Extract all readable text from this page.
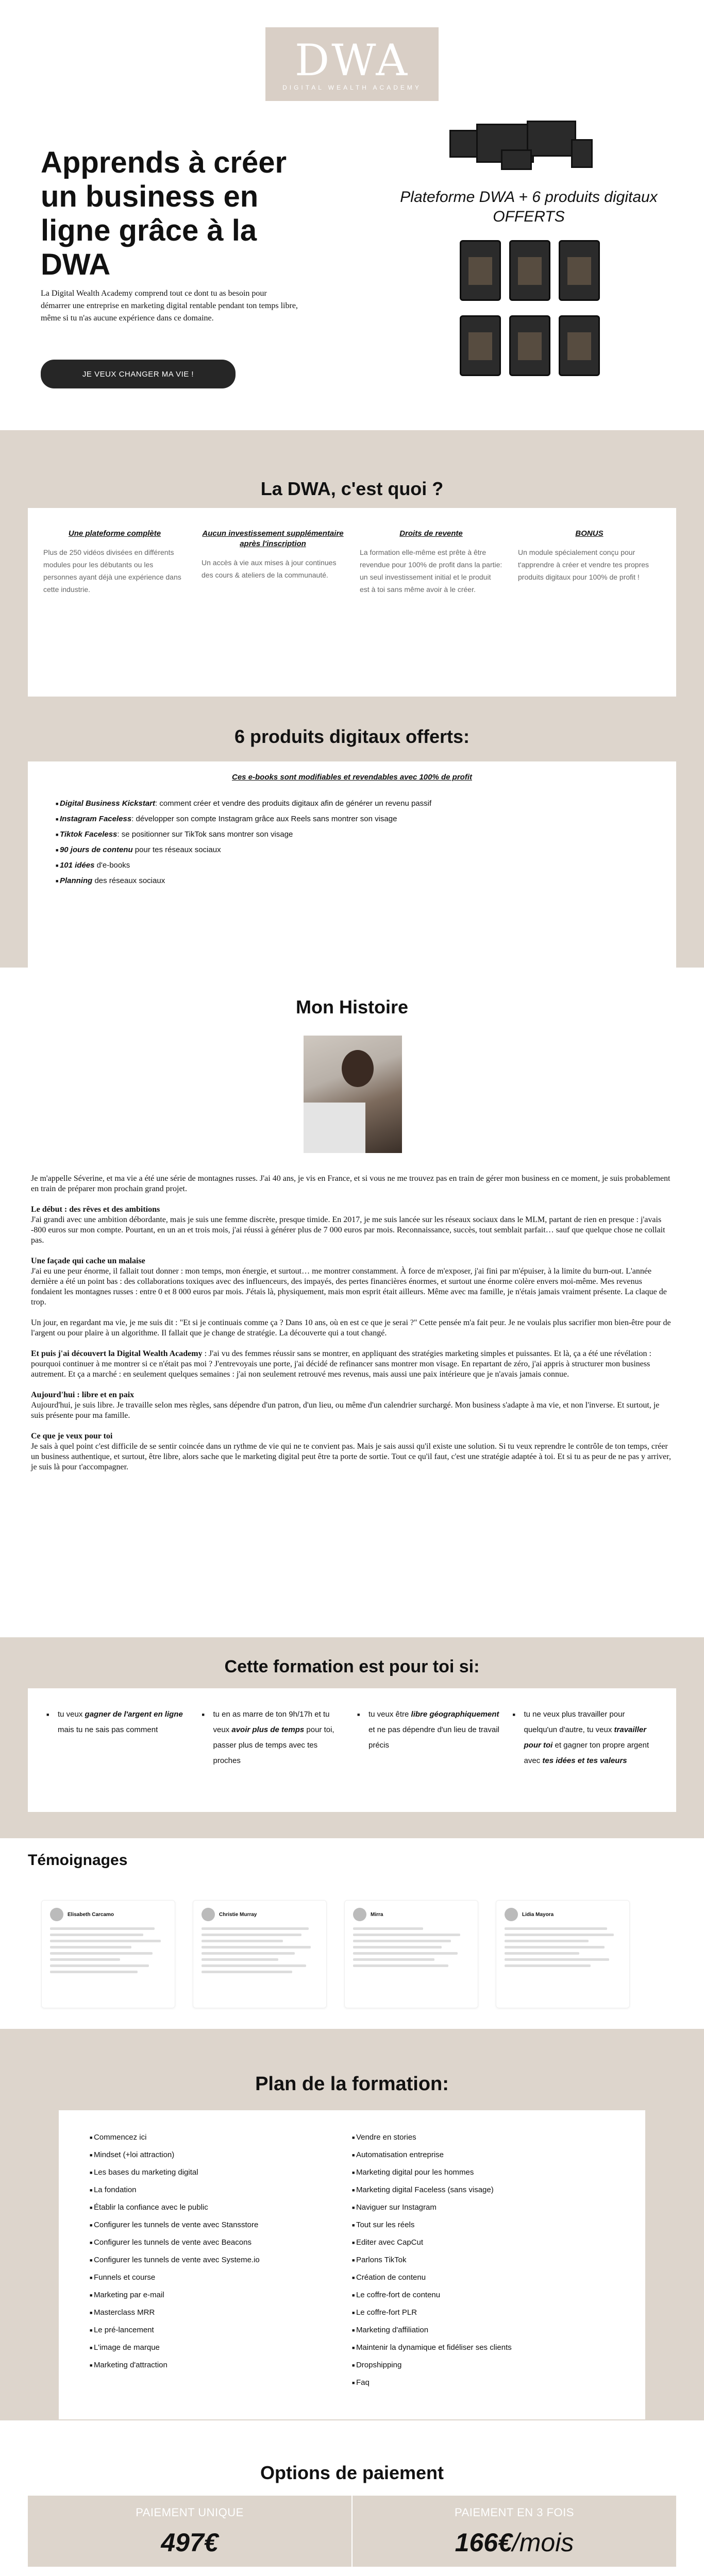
DWA
DIGITAL WEALTH ACADEMY
Apprends à créer un business en ligne grâce à la DWA

La Digital Wealth Academy comprend tout ce dont tu as besoin pour démarrer une entreprise en marketing digital rentable pendant ton temps libre, même si tu n'as aucune expérience dans ce domaine.

JE VEUX CHANGER MA VIE !
Plateforme DWA + 6 produits digitaux OFFERTS
La DWA, c'est quoi ?
Une plateforme complète

Plus de 250 vidéos divisées en différents modules pour les débutants ou les personnes ayant déjà une expérience dans cette industrie.

Aucun investissement supplémentaire après l'inscription

Un accès à vie aux mises à jour continues des cours & ateliers de la communauté.

Droits de revente

La formation elle-même est prête à être revendue pour 100% de profit dans la partie: un seul investissement initial et le produit est à toi sans même avoir à le créer.

BONUS

Un module spécialement conçu pour t'apprendre à créer et vendre tes propres produits digitaux pour 100% de profit !

6 produits digitaux offerts:
Ces e-books sont modifiables et revendables avec 100% de profit
■ Digital Business Kickstart: comment créer et vendre des produits digitaux afin de générer un revenu passif
■ Instagram Faceless: développer son compte Instagram grâce aux Reels sans montrer son visage
■ Tiktok Faceless: se positionner sur TikTok sans montrer son visage
■ 90 jours de contenu pour tes réseaux sociaux
■ 101 idées d'e-books
■ Planning des réseaux sociaux
Mon Histoire

Je m'appelle Séverine, et ma vie a été une série de montagnes russes. J'ai 40 ans, je vis en France, et si vous ne me trouvez pas en train de gérer mon business en ce moment, je suis probablement en train de préparer mon prochain grand projet.

Le début : des rêves et des ambitions
J'ai grandi avec une ambition débordante, mais je suis une femme discrète, presque timide. En 2017, je me suis lancée sur les réseaux sociaux dans le MLM, partant de rien en presque : j'avais -800 euros sur mon compte. Pourtant, en un an et trois mois, j'ai réussi à générer plus de 7 000 euros par mois. Reconnaissance, succès, tout semblait parfait… sauf que quelque chose ne collait pas.

Une façade qui cache un malaise
J'ai eu une peur énorme, il fallait tout donner : mon temps, mon énergie, et surtout… me montrer constamment. À force de m'exposer, j'ai fini par m'épuiser, à la limite du burn-out. L'année dernière a été un point bas : des collaborations toxiques avec des influenceurs, des impayés, des pertes financières énormes, et surtout une énorme colère envers moi-même. Mes revenus fondaient les montagnes russes : entre 0 et 8 000 euros par mois. J'étais là, physiquement, mais mon esprit était ailleurs. Même avec ma famille, je n'étais jamais vraiment présente. La claque de trop.

Un jour, en regardant ma vie, je me suis dit : "Et si je continuais comme ça ? Dans 10 ans, où en est ce que je serai ?" Cette pensée m'a fait peur. Je ne voulais plus sacrifier mon bien-être pour de l'argent ou pour plaire à un algorithme. Il fallait que je change de stratégie. La découverte qui a tout changé.

Et puis j'ai découvert la Digital Wealth Academy : J'ai vu des femmes réussir sans se montrer, en appliquant des stratégies marketing simples et puissantes. Et là, ça a été une révélation : pourquoi continuer à me montrer si ce n'était pas moi ? J'entrevoyais une porte, j'ai décidé de refinancer sans montrer mon visage. En repartant de zéro, j'ai appris à structurer mon business autrement. Et ça a marché : en seulement quelques semaines : j'ai non seulement retrouvé mes revenus, mais aussi une paix intérieure que je n'avais jamais connue.

Aujourd'hui : libre et en paix
Aujourd'hui, je suis libre. Je travaille selon mes règles, sans dépendre d'un patron, d'un lieu, ou même d'un calendrier surchargé. Mon business s'adapte à ma vie, et non l'inverse. Et surtout, je suis présente pour ma famille.

Ce que je veux pour toi
Je sais à quel point c'est difficile de se sentir coincée dans un rythme de vie qui ne te convient pas. Mais je sais aussi qu'il existe une solution. Si tu veux reprendre le contrôle de ton temps, créer un business authentique, et surtout, être libre, alors sache que le marketing digital peut être ta porte de sortie. Tout ce qu'il faut, c'est une stratégie adaptée à toi. Et si tu as peur de ne pas y arriver, je suis là pour t'accompagner.

Cette formation est pour toi si:
■ tu veux gagner de l'argent en ligne mais tu ne sais pas comment
■ tu en as marre de ton 9h/17h et tu veux avoir plus de temps pour toi, passer plus de temps avec tes proches
■ tu veux être libre géographiquement et ne pas dépendre d'un lieu de travail précis
■ tu ne veux plus travailler pour quelqu'un d'autre, tu veux travailler pour toi et gagner ton propre argent avec tes idées et tes valeurs
Témoignages
Elisabeth Carcamo	Christie Murray	Mirra	Lidia Mayora
Plan de la formation:
■ Commencez ici
■ Mindset (+loi attraction)
■ Les bases du marketing digital
■ La fondation
■ Établir la confiance avec le public
■ Configurer les tunnels de vente avec Stansstore
■ Configurer les tunnels de vente avec Beacons
■ Configurer les tunnels de vente avec Systeme.io
■ Funnels et course
■ Marketing par e-mail
■ Masterclass MRR
■ Le pré-lancement
■ L'image de marque
■ Marketing d'attraction
■ Vendre en stories
■ Automatisation entreprise
■ Marketing digital pour les hommes
■ Marketing digital Faceless (sans visage)
■ Naviguer sur Instagram
■ Tout sur les réels
■ Editer avec CapCut
■ Parlons TikTok
■ Création de contenu
■ Le coffre-fort de contenu
■ Le coffre-fort PLR
■ Marketing d'affiliation
■ Maintenir la dynamique et fidéliser ses clients
■ Dropshipping
■ Faq
Options de paiement
PAIEMENT UNIQUE
497€
PAIEMENT EN 3 FOIS
166€/mois
